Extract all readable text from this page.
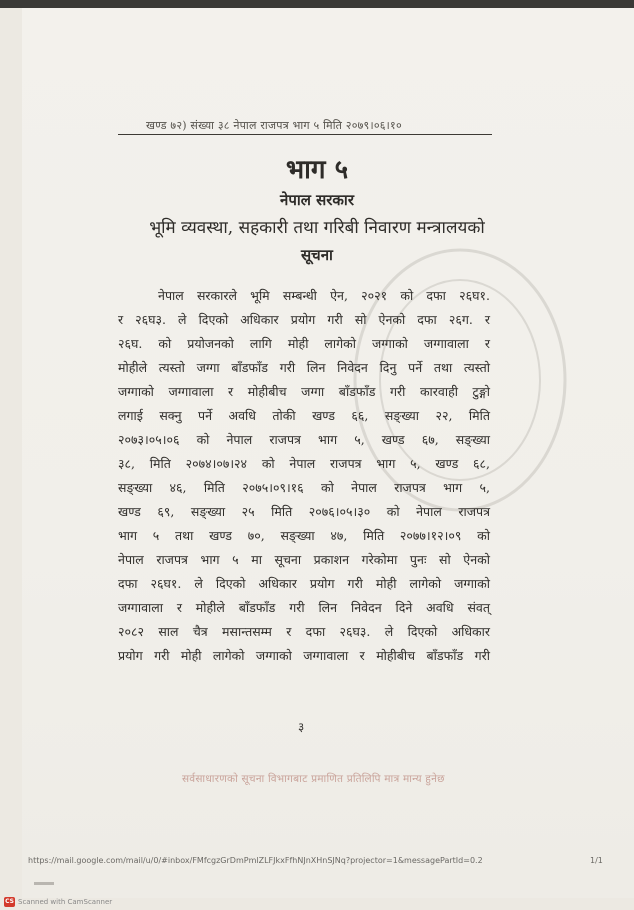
खण्ड ७२) संख्या ३८ नेपाल राजपत्र भाग ५ मिति २०७९।०६।१०
भाग ५
नेपाल सरकार
भूमि व्यवस्था, सहकारी तथा गरिबी निवारण मन्त्रालयको
सूचना
नेपाल सरकारले भूमि सम्बन्धी ऐन, २०२१ को दफा २६घ१.
र २६घ३. ले दिएको अधिकार प्रयोग गरी सो ऐनको दफा २६ग. र
२६घ. को प्रयोजनको लागि मोही लागेको जग्गाको जग्गावाला र
मोहीले त्यस्तो जग्गा बाँडफाँड गरी लिन निवेदन दिनु पर्ने तथा त्यस्तो
जग्गाको जग्गावाला र मोहीबीच जग्गा बाँडफाँड गरी कारवाही टुङ्गो
लगाई सक्नु पर्ने अवधि तोकी खण्ड ६६, सङ्ख्या २२, मिति
२०७३।०५।०६ को नेपाल राजपत्र भाग ५, खण्ड ६७, सङ्ख्या
३८, मिति २०७४।०७।२४ को नेपाल राजपत्र भाग ५, खण्ड ६८,
सङ्ख्या ४६, मिति २०७५।०९।१६ को नेपाल राजपत्र भाग ५,
खण्ड ६९, सङ्ख्या २५ मिति २०७६।०५।३० को नेपाल राजपत्र
भाग ५ तथा खण्ड ७०, सङ्ख्या ४७, मिति २०७७।१२।०९ को
नेपाल राजपत्र भाग ५ मा सूचना प्रकाशन गरेकोमा पुनः सो ऐनको
दफा २६घ१. ले दिएको अधिकार प्रयोग गरी मोही लागेको जग्गाको
जग्गावाला र मोहीले बाँडफाँड गरी लिन निवेदन दिने अवधि संवत्
२०८२ साल चैत्र मसान्तसम्म र दफा २६घ३. ले दिएको अधिकार
प्रयोग गरी मोही लागेको जग्गाको जग्गावाला र मोहीबीच बाँडफाँड गरी
३
सर्वसाधारणको सूचना विभागबाट प्रमाणित प्रतिलिपि मात्र मान्य हुनेछ
https://mail.google.com/mail/u/0/#inbox/FMfcgzGrDmPmlZLFJkxFfhNJnXHnSJNq?projector=1&messagePartId=0.2	1/1
CS Scanned with CamScanner
